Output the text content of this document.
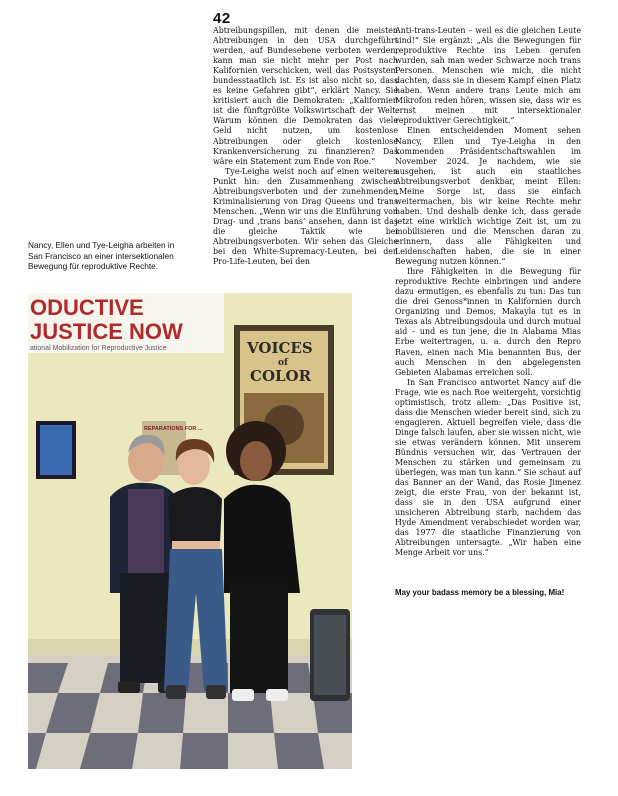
42

Abtreibungspillen, mit denen die meisten Abtreibungen in den USA durchgeführt werden, auf Bundesebene verboten werden, kann man sie nicht mehr per Post nach Kalifornien verschicken, weil das Postsystem bundesstaatlich ist. Es ist also nicht so, dass es keine Gefahren gibt“, erklärt Nancy. Sie kritisiert auch die Demokraten: „Kalifornien ist die fünftgrößte Volkswirtschaft der Welt. Warum können die Demokraten das viele Geld nicht nutzen, um kostenlose Abtreibungen oder gleich kostenlose Krankenversicherung zu finanzieren? Das wäre ein Statement zum Ende von Roe.“

Tye-Leigha weist noch auf einen weiteren Punkt hin: den Zusammenhang zwischen Abtreibungsverboten und der zunehmenden Kriminalisierung von Drag Queens und trans Menschen. „Wenn wir uns die Einführung von Drag- und ‚trans bans‘ ansehen, dann ist das die gleiche Taktik wie bei Abtreibungsverboten. Wir sehen das Gleiche bei den White-Supremacy-Leuten, bei den Pro-Life-Leuten, bei den

Anti-trans-Leuten – weil es die gleichen Leute sind!“ Sie ergänzt: „Als die Bewegungen für reproduktive Rechte ins Leben gerufen wurden, sah man weder Schwarze noch trans Personen. Menschen wie mich, die nicht dachten, dass sie in diesem Kampf einen Platz haben. Wenn andere trans Leute mich am Mikrofon reden hören, wissen sie, dass wir es ernst meinen mit intersektionaler reproduktiver Gerechtigkeit.“

Einen entscheidenden Moment sehen Nancy, Ellen und Tye-Leigha in den kommenden Präsidentschaftswahlen im November 2024. Je nachdem, wie sie ausgehen, ist auch ein staatliches Abtreibungsverbot denkbar, meint Ellen: „Meine Sorge ist, dass sie einfach weitermachen, bis wir keine Rechte mehr haben. Und deshalb denke ich, dass gerade jetzt eine wirklich wichtige Zeit ist, um zu mobilisieren und die Menschen daran zu erinnern, dass alle Fähigkeiten und Leidenschaften haben, die sie in einer Bewegung nutzen können.“

Ihre Fähigkeiten in die Bewegung für reproduktive Rechte einbringen und andere dazu ermutigen, es ebenfalls zu tun: Das tun die drei Genoss*innen in Kalifornien durch Organizing und Demos, Makayla tut es in Texas als Abtreibungsdoula und durch mutual aid – und es tun jene, die in Alabama Mias Erbe weitertragen, u. a. durch den Repro Raven, einen nach Mia benannten Bus, der auch Menschen in den abgelegensten Gebieten Alabamas erreichen soll.

In San Francisco antwortet Nancy auf die Frage, wie es nach Roe weitergeht, vorsichtig optimistisch, trotz allem: „Das Positive ist, dass die Menschen wieder bereit sind, sich zu engagieren. Aktuell begreifen viele, dass die Dinge falsch laufen, aber sie wissen nicht, wie sie etwas verändern können. Mit unserem Bündnis versuchen wir, das Vertrauen der Menschen zu stärken und gemeinsam zu überlegen, was man tun kann.“ Sie schaut auf das Banner an der Wand, das Rosie Jimenez zeigt, die erste Frau, von der bekannt ist, dass sie in den USA aufgrund einer unsicheren Abtreibung starb, nachdem das Hyde Amendment verabschiedet worden war, das 1977 die staatliche Finanzierung von Abtreibungen untersagte. „Wir haben eine Menge Arbeit vor uns.“

Nancy, Ellen und Tye-Leigha arbeiten in San Francisco an einer intersektionalen Bewegung für reproduktive Rechte.
May your badass memory be a blessing, Mia!
ODUCTIVE
JUSTICE NOW
ational Mobilization for Reproductive Justice	VOICES
of
COLOR
REPARATIONS FOR ...
